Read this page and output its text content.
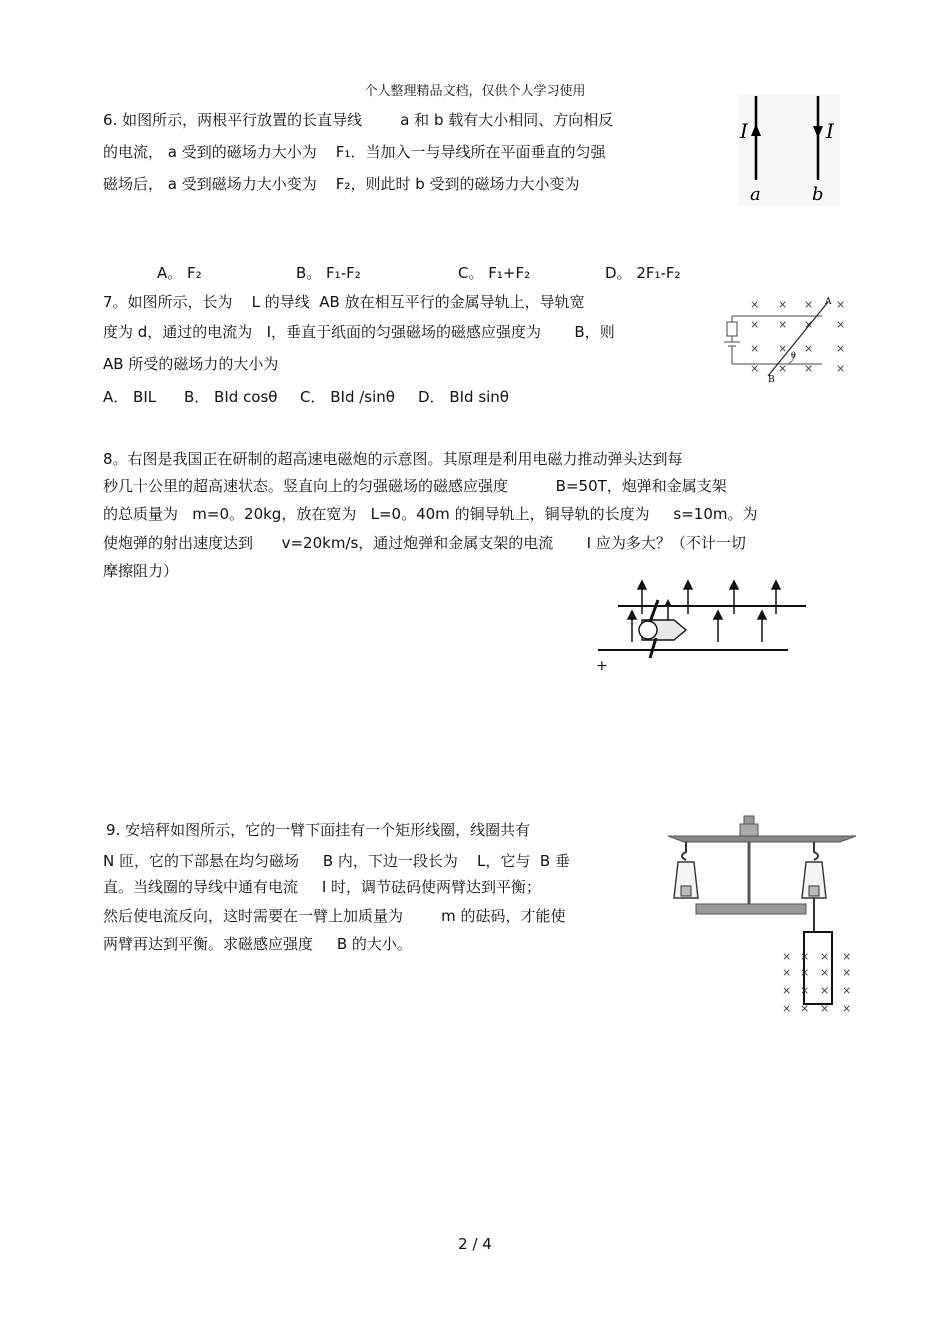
个人整理精品文档，仅供个人学习使用
6. 如图所示，两根平行放置的长直导线        a 和 b 载有大小相同、方向相反
的电流， a 受到的磁场力大小为    F₁．当加入一与导线所在平面垂直的匀强
磁场后， a 受到磁场力大小变为    F₂，则此时 b 受到的磁场力大小变为
A。 F₂	B。 F₁-F₂	C。 F₁+F₂	D。 2F₁-F₂
I	I
a	b
7。如图所示，长为    L 的导线  AB 放在相互平行的金属导轨上，导轨宽
度为 d，通过的电流为   I，垂直于纸面的匀强磁场的磁感应强度为       B，则
AB 所受的磁场力的大小为
A． BIL B． BId cosθ C． BId /sinθ D． BId sinθ
× × × ×
× × × ×
× × × ×
× × × ×
A
B
θ
8。右图是我国正在研制的超高速电磁炮的示意图。其原理是利用电磁力推动弹头达到每
秒几十公里的超高速状态。竖直向上的匀强磁场的磁感应强度          B=50T，炮弹和金属支架
的总质量为   m=0。20kg，放在宽为   L=0。40m 的铜导轨上，铜导轨的长度为     s=10m。为
使炮弹的射出速度达到      v=20km/s，通过炮弹和金属支架的电流       I 应为多大？（不计一切
摩擦阻力）
+
9. 安培秤如图所示，它的一臂下面挂有一个矩形线圈，线圈共有
N 匝，它的下部悬在均匀磁场     B 内，下边一段长为    L，它与  B 垂
直。当线圈的导线中通有电流     I 时，调节砝码使两臂达到平衡；
然后使电流反向，这时需要在一臂上加质量为        m 的砝码，才能使
两臂再达到平衡。求磁感应强度     B 的大小。
× × × ×
× × × ×
× × × ×
× × × ×
2 / 4
